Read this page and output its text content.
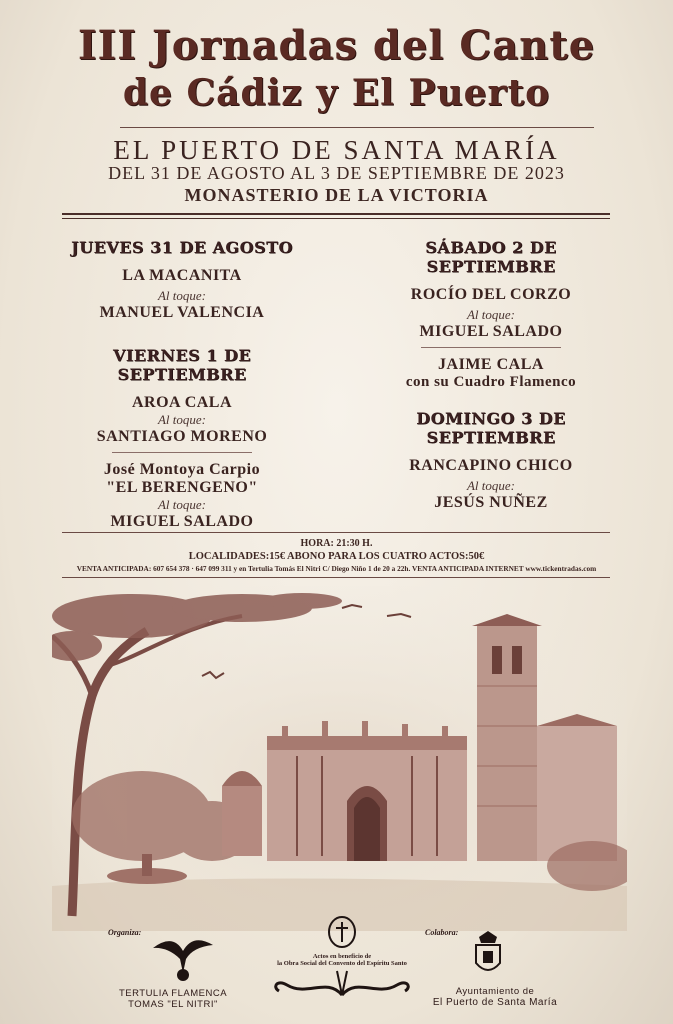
III Jornadas del Cante
de Cádiz y El Puerto
EL PUERTO DE SANTA MARÍA
DEL 31 DE AGOSTO AL 3 DE SEPTIEMBRE DE 2023
MONASTERIO DE LA VICTORIA
JUEVES 31 DE AGOSTO
LA MACANITA
Al toque:
MANUEL VALENCIA
VIERNES 1 DE SEPTIEMBRE
AROA CALA
Al toque:
SANTIAGO MORENO
José Montoya Carpio
"EL BERENGENO"
Al toque:
MIGUEL SALADO
SÁBADO 2 DE SEPTIEMBRE
ROCÍO DEL CORZO
Al toque:
MIGUEL SALADO
JAIME CALA
con su Cuadro Flamenco
DOMINGO 3 DE SEPTIEMBRE
RANCAPINO CHICO
Al toque:
JESÚS NUÑEZ
HORA: 21:30 H.
LOCALIDADES:15€ ABONO PARA LOS CUATRO ACTOS:50€
VENTA ANTICIPADA: 607 654 378 · 647 099 311 y en Tertulia Tomás El Nitri C/ Diego Niño 1 de 20 a 22h. VENTA ANTICIPADA INTERNET www.tickentradas.com
Organiza:
TERTULIA FLAMENCA
TOMAS "EL NITRI"
Actos en beneficio de
la Obra Social del Convento del Espíritu Santo
Colabora:
Ayuntamiento de
El Puerto de Santa María
